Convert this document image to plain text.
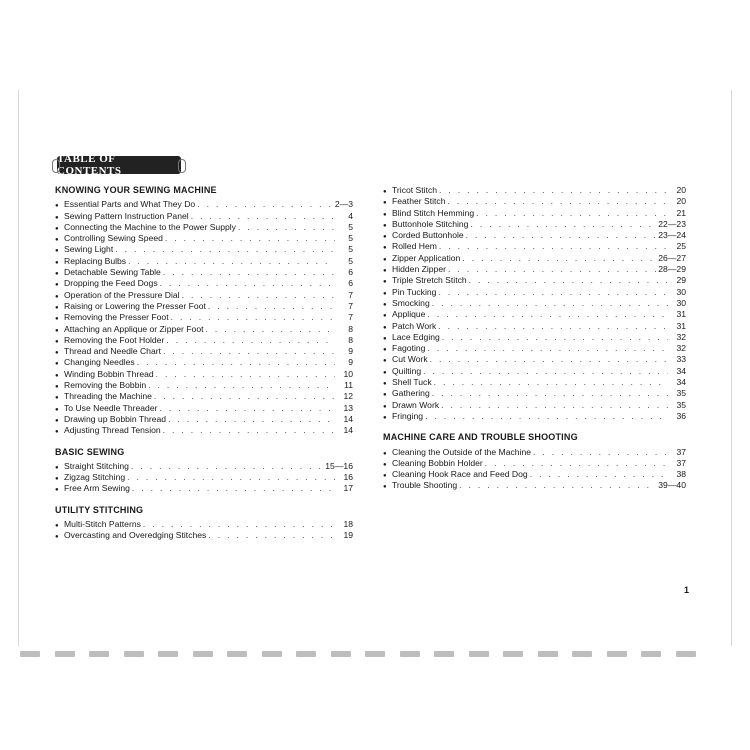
TABLE OF CONTENTS
KNOWING YOUR SEWING MACHINE
● Essential Parts and What They Do . . .	2—3
● Sewing Pattern Instruction Panel . . .	4
● Connecting the Machine to the Power Supply . . .	5
● Controlling Sewing Speed . . .	5
● Sewing Light . . .	5
● Replacing Bulbs . . .	5
● Detachable Sewing Table . . .	6
● Dropping the Feed Dogs . . .	6
● Operation of the Pressure Dial . . .	7
● Raising or Lowering the Presser Foot . . .	7
● Removing the Presser Foot . . .	7
● Attaching an Applique or Zipper Foot . . .	8
● Removing the Foot Holder . . .	8
● Thread and Needle Chart . . .	9
● Changing Needles . . .	9
● Winding Bobbin Thread . . .	10
● Removing the Bobbin . . .	11
● Threading the Machine . . .	12
● To Use Needle Threader . . .	13
● Drawing up Bobbin Thread . . .	14
● Adjusting Thread Tension . . .	14
BASIC SEWING
● Straight Stitching . . .	15—16
● Zigzag Stitching . . .	16
● Free Arm Sewing . . .	17
UTILITY STITCHING
● Multi-Stitch Patterns . . .	18
● Overcasting and Overedging Stitches . . .	19
● Tricot Stitch . . .	20
● Feather Stitch . . .	20
● Blind Stitch Hemming . . .	21
● Buttonhole Stitching . . .	22—23
● Corded Buttonhole . . .	23—24
● Rolled Hem . . .	25
● Zipper Application . . .	26—27
● Hidden Zipper . . .	28—29
● Triple Stretch Stitch . . .	29
● Pin Tucking . . .	30
● Smocking . . .	30
● Applique . . .	31
● Patch Work . . .	31
● Lace Edging . . .	32
● Fagoting . . .	32
● Cut Work . . .	33
● Quilting . . .	34
● Shell Tuck . . .	34
● Gathering . . .	35
● Drawn Work . . .	35
● Fringing . . .	36
MACHINE CARE AND TROUBLE SHOOTING
● Cleaning the Outside of the Machine . . .	37
● Cleaning Bobbin Holder . . .	37
● Cleaning Hook Race and Feed Dog . . .	38
● Trouble Shooting . . .	39—40
1
